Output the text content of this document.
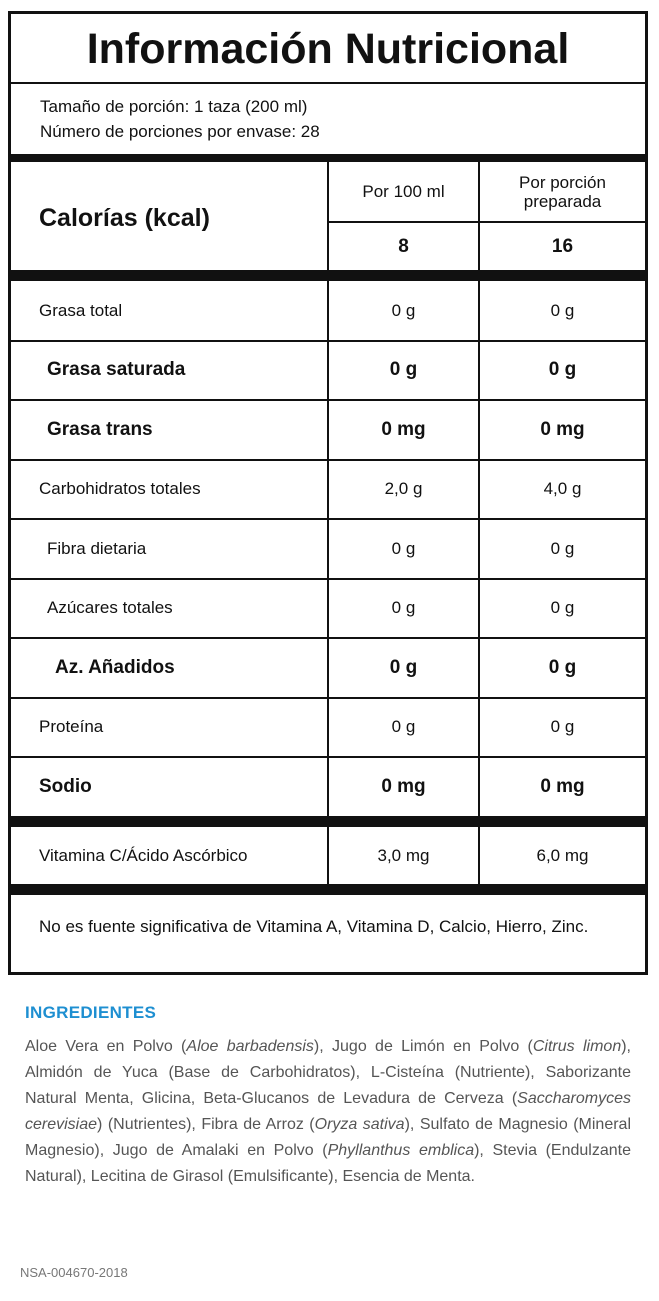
Información Nutricional
Tamaño de porción: 1 taza (200 ml)
Número de porciones por envase: 28
Calorías (kcal)
Por 100 ml	Por porción preparada
8	16
Grasa total	0 g	0 g
Grasa saturada	0 g	0 g
Grasa trans	0 mg	0 mg
Carbohidratos totales	2,0 g	4,0 g
Fibra dietaria	0 g	0 g
Azúcares totales	0 g	0 g
Az. Añadidos	0 g	0 g
Proteína	0 g	0 g
Sodio	0 mg	0 mg
Vitamina C/Ácido Ascórbico	3,0 mg	6,0 mg
No es fuente significativa de Vitamina A, Vitamina D, Calcio, Hierro, Zinc.
INGREDIENTES
Aloe Vera en Polvo (Aloe barbadensis), Jugo de Limón en Polvo (Citrus limon), Almidón de Yuca (Base de Carbohidratos), L-Cisteína (Nutriente), Saborizante Natural Menta, Glicina, Beta-Glucanos de Levadura de Cerveza (Saccharomyces cerevisiae) (Nutrientes), Fibra de Arroz (Oryza sativa), Sulfato de Magnesio (Mineral Magnesio), Jugo de Amalaki en Polvo (Phyllanthus emblica), Stevia (Endulzante Natural), Lecitina de Girasol (Emulsificante), Esencia de Menta.
NSA-004670-2018
